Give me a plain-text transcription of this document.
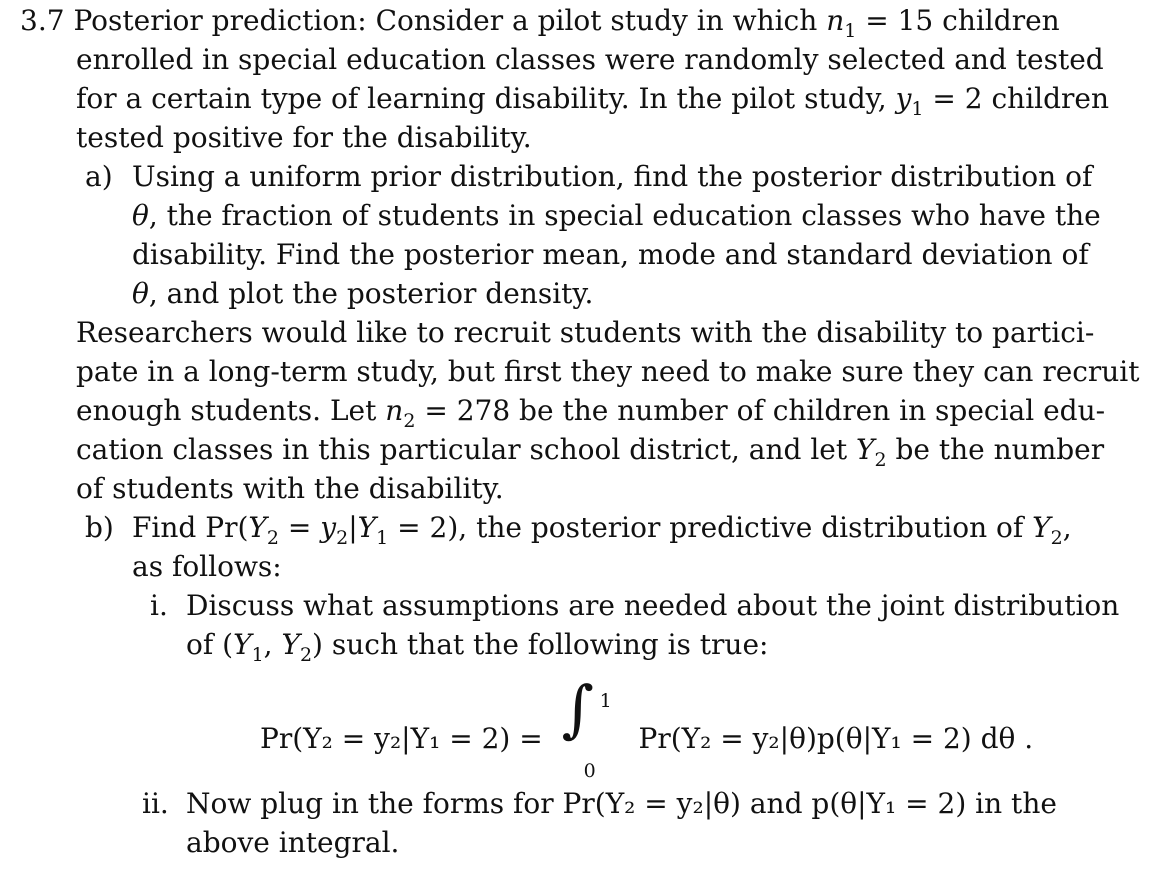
3.7 Posterior prediction: Consider a pilot study in which $n_1 = 15$ children
enrolled in special education classes were randomly selected and tested
for a certain type of learning disability. In the pilot study, $y_1 = 2$ children
tested positive for the disability.
a) Using a uniform prior distribution, find the posterior distribution of
θ, the fraction of students in special education classes who have the
disability. Find the posterior mean, mode and standard deviation of
θ, and plot the posterior density.
Researchers would like to recruit students with the disability to partici-
pate in a long-term study, but first they need to make sure they can recruit
enough students. Let $n_2 = 278$ be the number of children in special edu-
cation classes in this particular school district, and let $Y_2$ be the number
of students with the disability.
b) Find $Pr(Y_2 = y_2|Y_1 = 2)$, the posterior predictive distribution of $Y_2$,
as follows:
i. Discuss what assumptions are needed about the joint distribution
of ($Y_1$, $Y_2$) such that the following is true:
Pr(Y₂ = y₂|Y₁ = 2) = ∫ 1
0
Pr(Y₂ = y₂|θ)p(θ|Y₁ = 2) dθ .
ii. Now plug in the forms for Pr(Y₂ = y₂|θ) and p(θ|Y₁ = 2) in the
above integral.
